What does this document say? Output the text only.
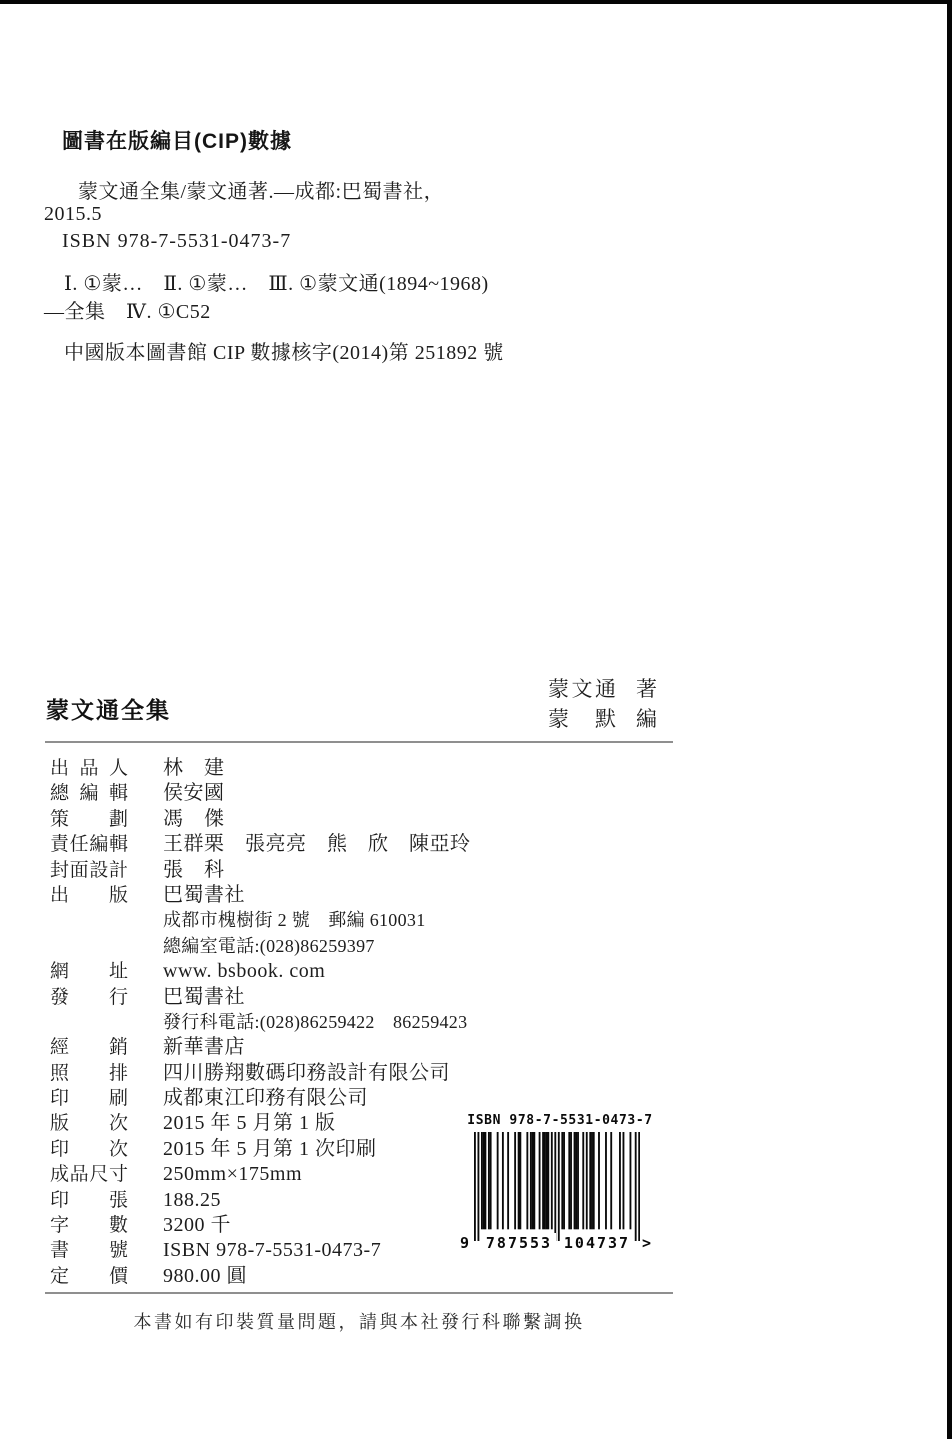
圖書在版編目(CIP)數據
蒙文通全集/蒙文通著.—成都:巴蜀書社，
2015.5
ISBN 978-7-5531-0473-7
Ⅰ. ①蒙…　Ⅱ. ①蒙…　Ⅲ. ①蒙文通(1894~1968)
—全集　Ⅳ. ①C52
中國版本圖書館 CIP 數據核字(2014)第 251892 號
蒙文通全集
蒙 文 通 著
蒙 默 編
出 品 人 林　建
總 編 輯 侯安國
策 劃 馮　傑
責 任 編 輯 王群栗　張亮亮　熊　欣　陳亞玲
封 面 設 計 張　科
出 版 巴蜀書社
成都市槐樹街 2 號　郵編 610031
總編室電話:(028)86259397
網 址 www. bsbook. com
發 行 巴蜀書社
發行科電話:(028)86259422　86259423
經 銷 新華書店
照 排 四川勝翔數碼印務設計有限公司
印 刷 成都東江印務有限公司
版 次 2015 年 5 月第 1 版
印 次 2015 年 5 月第 1 次印刷
成 品 尺 寸 250mm×175mm
印 張 188.25
字 數 3200 千
書 號 ISBN 978-7-5531-0473-7
定 價 980.00 圓
ISBN 978-7-5531-0473-7
9 787553 104737 >
本書如有印裝質量問題，請與本社發行科聯繫調换
